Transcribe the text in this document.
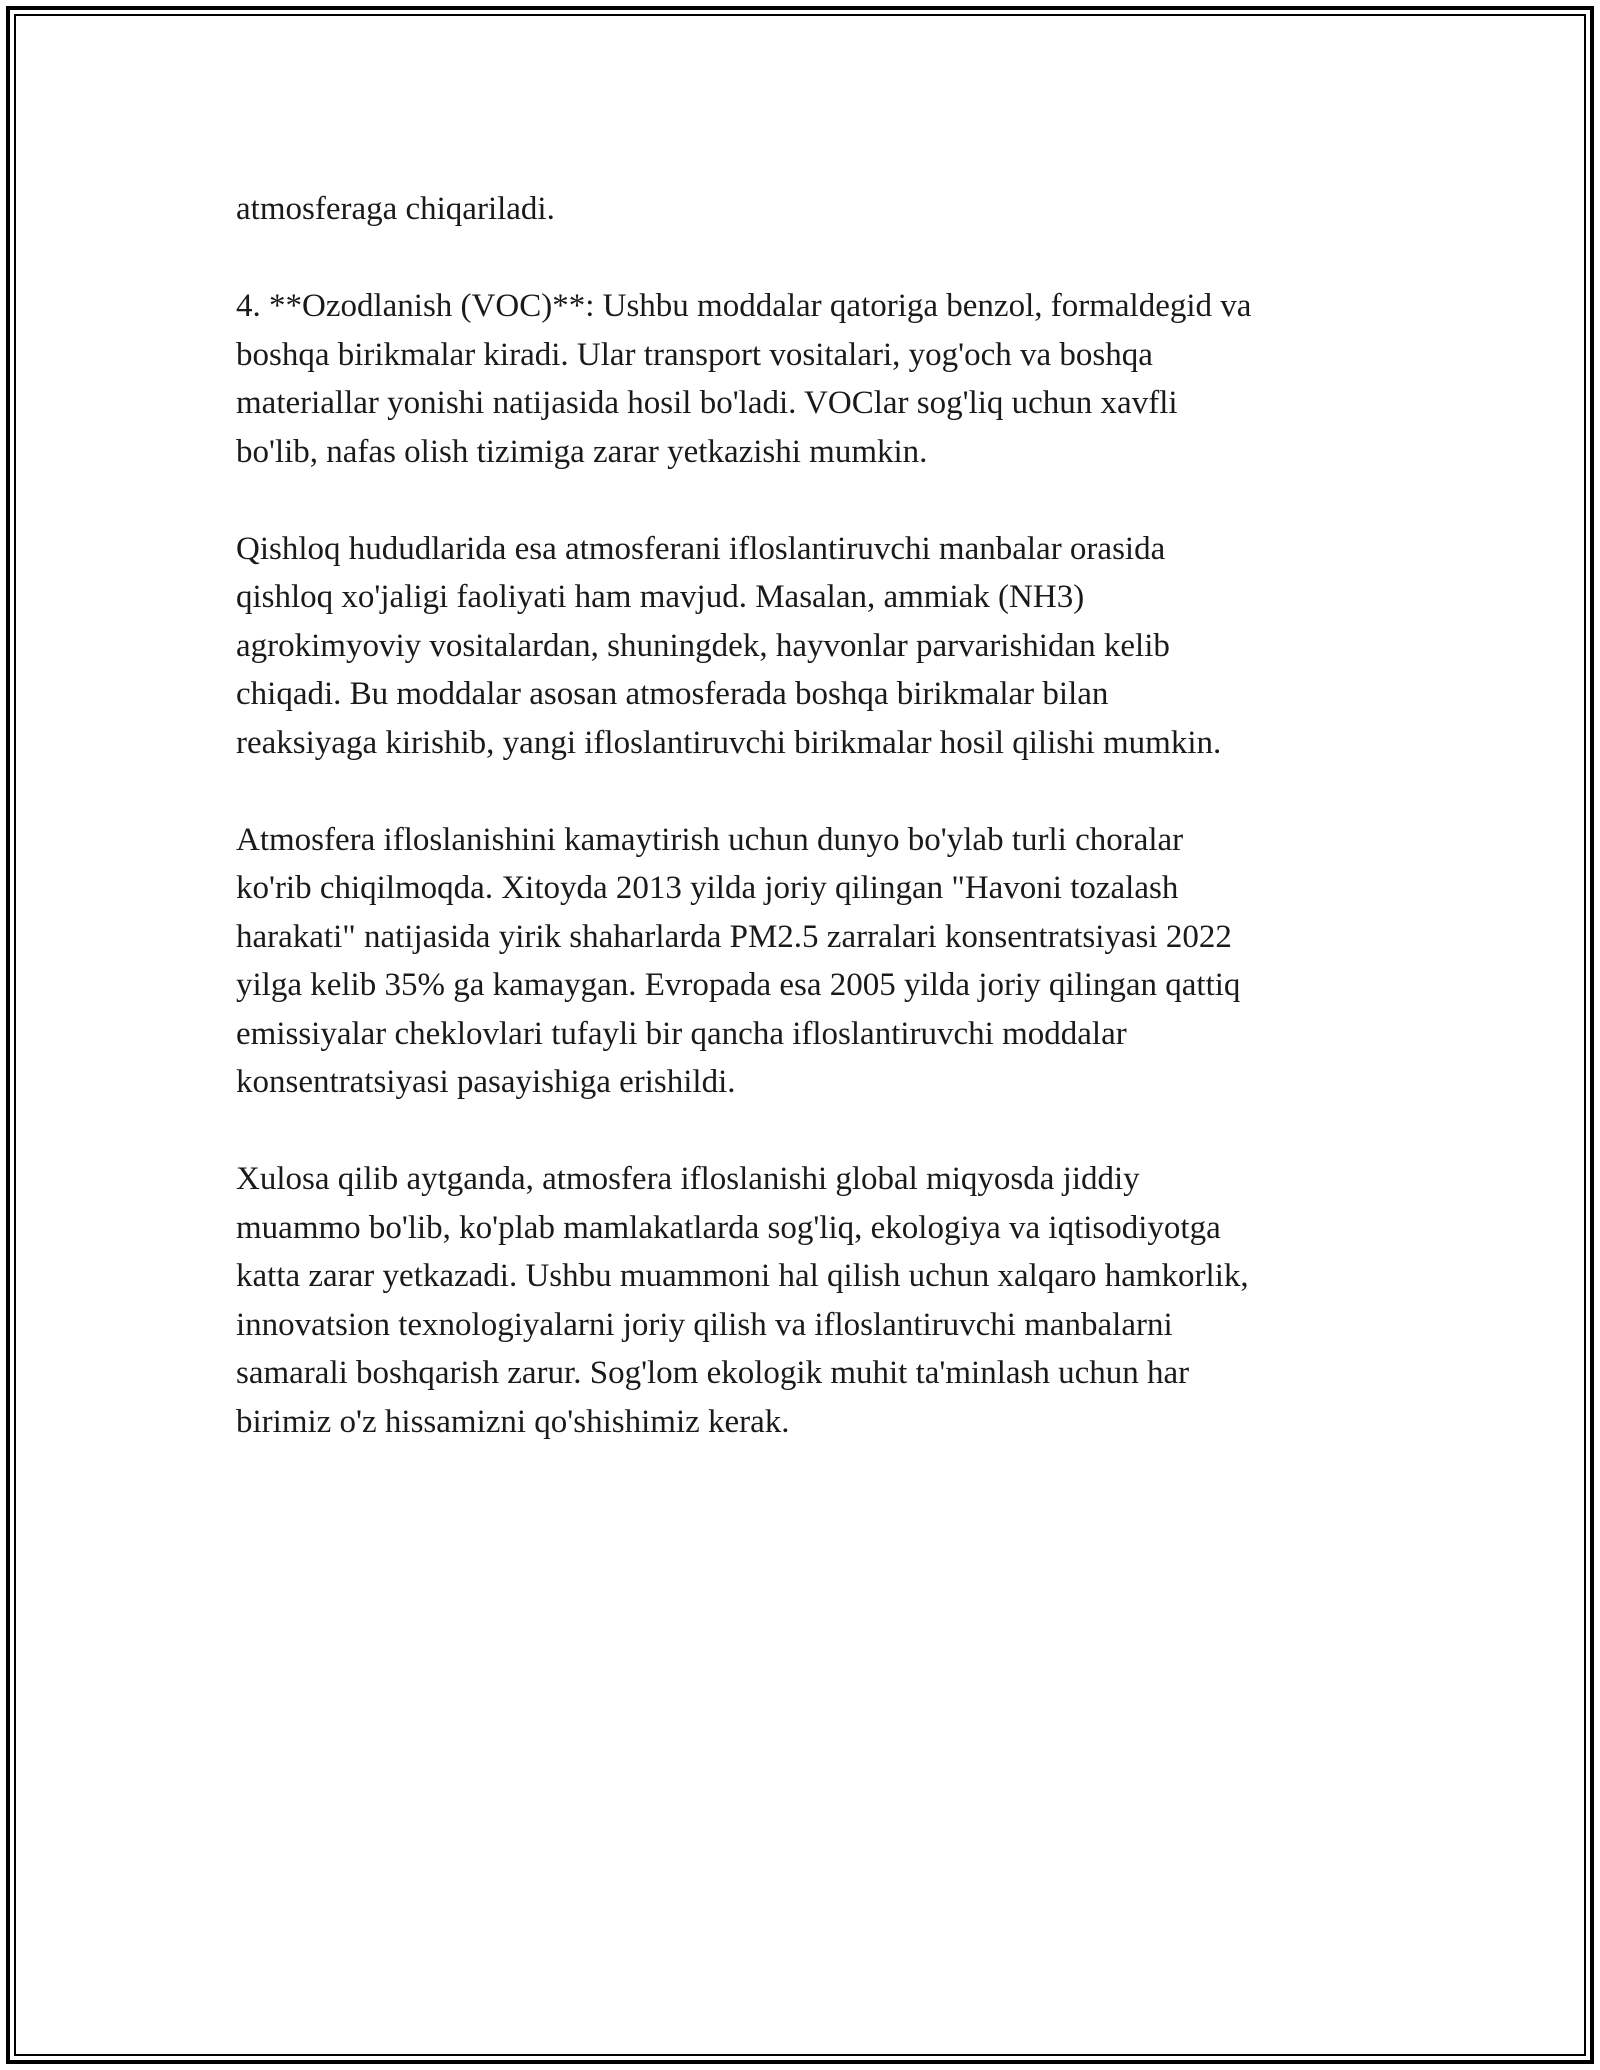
atmosferaga chiqariladi.

4. **Ozodlanish (VOC)**: Ushbu moddalar qatoriga benzol, formaldegid va
boshqa birikmalar kiradi. Ular transport vositalari, yog'och va boshqa
materiallar yonishi natijasida hosil bo'ladi. VOClar sog'liq uchun xavfli
bo'lib, nafas olish tizimiga zarar yetkazishi mumkin.

Qishloq hududlarida esa atmosferani ifloslantiruvchi manbalar orasida
qishloq xo'jaligi faoliyati ham mavjud. Masalan, ammiak (NH3)
agrokimyoviy vositalardan, shuningdek, hayvonlar parvarishidan kelib
chiqadi. Bu moddalar asosan atmosferada boshqa birikmalar bilan
reaksiyaga kirishib, yangi ifloslantiruvchi birikmalar hosil qilishi mumkin.

Atmosfera ifloslanishini kamaytirish uchun dunyo bo'ylab turli choralar
ko'rib chiqilmoqda. Xitoyda 2013 yilda joriy qilingan "Havoni tozalash
harakati" natijasida yirik shaharlarda PM2.5 zarralari konsentratsiyasi 2022
yilga kelib 35% ga kamaygan. Evropada esa 2005 yilda joriy qilingan qattiq
emissiyalar cheklovlari tufayli bir qancha ifloslantiruvchi moddalar
konsentratsiyasi pasayishiga erishildi.

Xulosa qilib aytganda, atmosfera ifloslanishi global miqyosda jiddiy
muammo bo'lib, ko'plab mamlakatlarda sog'liq, ekologiya va iqtisodiyotga
katta zarar yetkazadi. Ushbu muammoni hal qilish uchun xalqaro hamkorlik,
innovatsion texnologiyalarni joriy qilish va ifloslantiruvchi manbalarni
samarali boshqarish zarur. Sog'lom ekologik muhit ta'minlash uchun har
birimiz o'z hissamizni qo'shishimiz kerak.
